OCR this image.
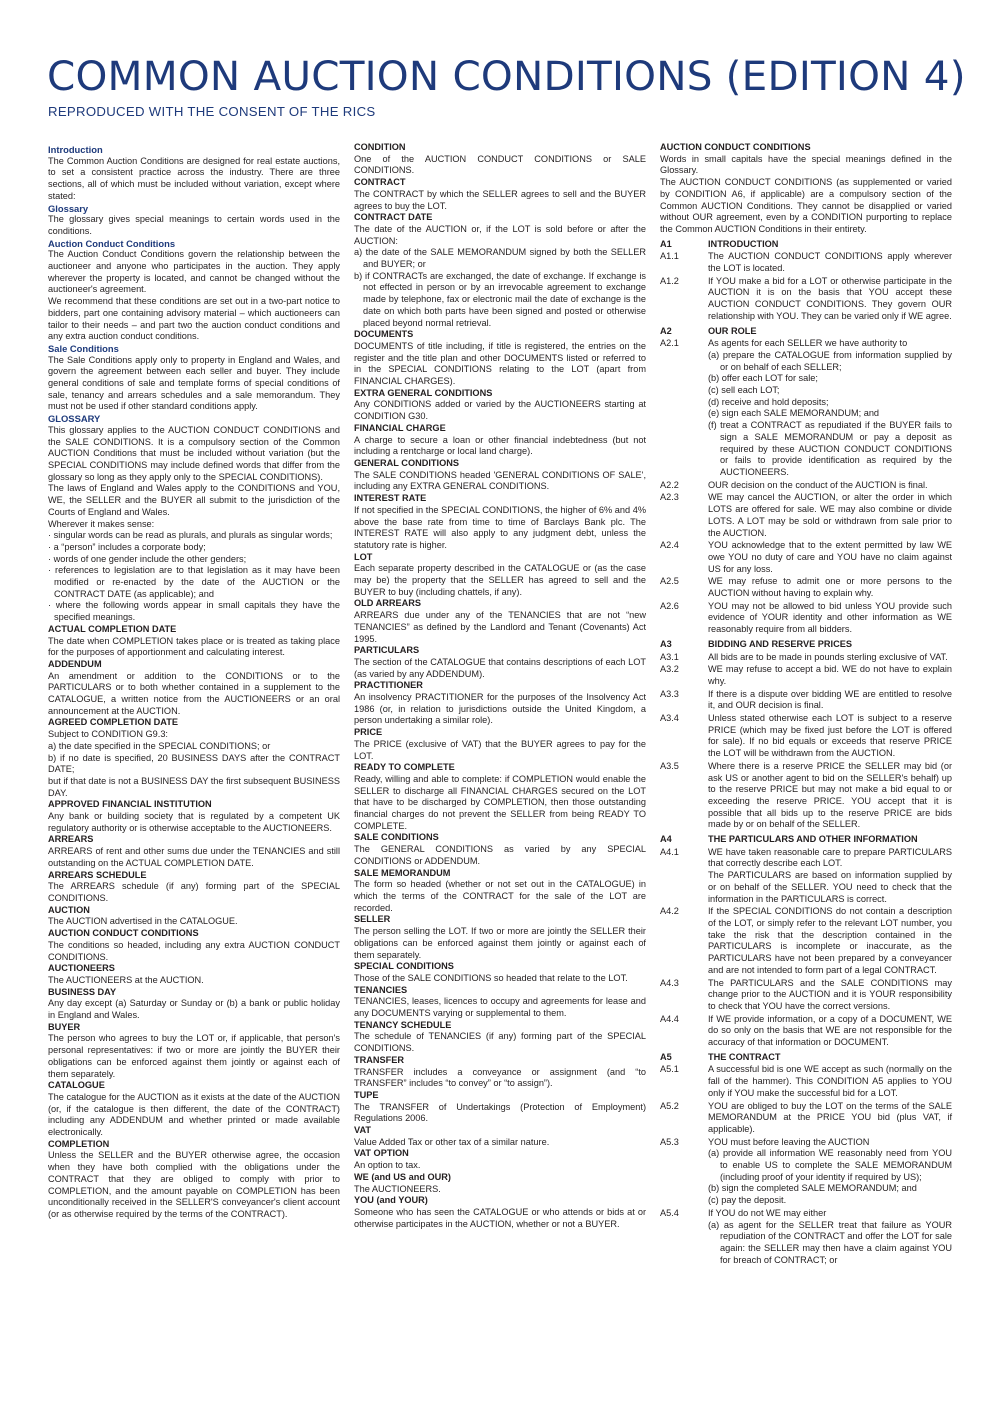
COMMON AUCTION CONDITIONS (EDITION 4)

REPRODUCED WITH THE CONSENT OF THE RICS

Introduction

The Common Auction Conditions are designed for real estate auctions, to set a consistent practice across the industry. There are three sections, all of which must be included without variation, except where stated:

Glossary

The glossary gives special meanings to certain words used in the conditions.

Auction Conduct Conditions

The Auction Conduct Conditions govern the relationship between the auctioneer and anyone who participates in the auction. They apply wherever the property is located, and cannot be changed without the auctioneer's agreement.

We recommend that these conditions are set out in a two-part notice to bidders, part one containing advisory material – which auctioneers can tailor to their needs – and part two the auction conduct conditions and any extra auction conduct conditions.

Sale Conditions

The Sale Conditions apply only to property in England and Wales, and govern the agreement between each seller and buyer. They include general conditions of sale and template forms of special conditions of sale, tenancy and arrears schedules and a sale memorandum. They must not be used if other standard conditions apply.

GLOSSARY

This glossary applies to the AUCTION CONDUCT CONDITIONS and the SALE CONDITIONS. It is a compulsory section of the Common AUCTION Conditions that must be included without variation (but the SPECIAL CONDITIONS may include defined words that differ from the glossary so long as they apply only to the SPECIAL CONDITIONS).

The laws of England and Wales apply to the CONDITIONS and YOU, WE, the SELLER and the BUYER all submit to the jurisdiction of the Courts of England and Wales.

Wherever it makes sense:

· singular words can be read as plurals, and plurals as singular words;

· a “person” includes a corporate body;

· words of one gender include the other genders;

· references to legislation are to that legislation as it may have been modified or re-enacted by the date of the AUCTION or the CONTRACT DATE (as applicable); and

· where the following words appear in small capitals they have the specified meanings.

ACTUAL COMPLETION DATE

The date when COMPLETION takes place or is treated as taking place for the purposes of apportionment and calculating interest.

ADDENDUM

An amendment or addition to the CONDITIONS or to the PARTICULARS or to both whether contained in a supplement to the CATALOGUE, a written notice from the AUCTIONEERS or an oral announcement at the AUCTION.

AGREED COMPLETION DATE

Subject to CONDITION G9.3:

a) the date specified in the SPECIAL CONDITIONS; or

b) if no date is specified, 20 BUSINESS DAYS after the CONTRACT DATE;

but if that date is not a BUSINESS DAY the first subsequent BUSINESS DAY.

APPROVED FINANCIAL INSTITUTION

Any bank or building society that is regulated by a competent UK regulatory authority or is otherwise acceptable to the AUCTIONEERS.

ARREARS

ARREARS of rent and other sums due under the TENANCIES and still outstanding on the ACTUAL COMPLETION DATE.

ARREARS SCHEDULE

The ARREARS schedule (if any) forming part of the SPECIAL CONDITIONS.

AUCTION

The AUCTION advertised in the CATALOGUE.

AUCTION CONDUCT CONDITIONS

The conditions so headed, including any extra AUCTION CONDUCT CONDITIONS.

AUCTIONEERS

The AUCTIONEERS at the AUCTION.

BUSINESS DAY

Any day except (a) Saturday or Sunday or (b) a bank or public holiday in England and Wales.

BUYER

The person who agrees to buy the LOT or, if applicable, that person's personal representatives: if two or more are jointly the BUYER their obligations can be enforced against them jointly or against each of them separately.

CATALOGUE

The catalogue for the AUCTION as it exists at the date of the AUCTION (or, if the catalogue is then different, the date of the CONTRACT) including any ADDENDUM and whether printed or made available electronically.

COMPLETION

Unless the SELLER and the BUYER otherwise agree, the occasion when they have both complied with the obligations under the CONTRACT that they are obliged to comply with prior to COMPLETION, and the amount payable on COMPLETION has been unconditionally received in the SELLER'S conveyancer's client account (or as otherwise required by the terms of the CONTRACT).

CONDITION

One of the AUCTION CONDUCT CONDITIONS or SALE CONDITIONS.

CONTRACT

The CONTRACT by which the SELLER agrees to sell and the BUYER agrees to buy the LOT.

CONTRACT DATE

The date of the AUCTION or, if the LOT is sold before or after the AUCTION:

a) the date of the SALE MEMORANDUM signed by both the SELLER and BUYER; or

b) if CONTRACTs are exchanged, the date of exchange. If exchange is not effected in person or by an irrevocable agreement to exchange made by telephone, fax or electronic mail the date of exchange is the date on which both parts have been signed and posted or otherwise placed beyond normal retrieval.

DOCUMENTS

DOCUMENTS of title including, if title is registered, the entries on the register and the title plan and other DOCUMENTS listed or referred to in the SPECIAL CONDITIONS relating to the LOT (apart from FINANCIAL CHARGES).

EXTRA GENERAL CONDITIONS

Any CONDITIONS added or varied by the AUCTIONEERS starting at CONDITION G30.

FINANCIAL CHARGE

A charge to secure a loan or other financial indebtedness (but not including a rentcharge or local land charge).

GENERAL CONDITIONS

The SALE CONDITIONS headed 'GENERAL CONDITIONS OF SALE', including any EXTRA GENERAL CONDITIONS.

INTEREST RATE

If not specified in the SPECIAL CONDITIONS, the higher of 6% and 4% above the base rate from time to time of Barclays Bank plc. The INTEREST RATE will also apply to any judgment debt, unless the statutory rate is higher.

LOT

Each separate property described in the CATALOGUE or (as the case may be) the property that the SELLER has agreed to sell and the BUYER to buy (including chattels, if any).

OLD ARREARS

ARREARS due under any of the TENANCIES that are not “new TENANCIES” as defined by the Landlord and Tenant (Covenants) Act 1995.

PARTICULARS

The section of the CATALOGUE that contains descriptions of each LOT (as varied by any ADDENDUM).

PRACTITIONER

An insolvency PRACTITIONER for the purposes of the Insolvency Act 1986 (or, in relation to jurisdictions outside the United Kingdom, a person undertaking a similar role).

PRICE

The PRICE (exclusive of VAT) that the BUYER agrees to pay for the LOT.

READY TO COMPLETE

Ready, willing and able to complete: if COMPLETION would enable the SELLER to discharge all FINANCIAL CHARGES secured on the LOT that have to be discharged by COMPLETION, then those outstanding financial charges do not prevent the SELLER from being READY TO COMPLETE.

SALE CONDITIONS

The GENERAL CONDITIONS as varied by any SPECIAL CONDITIONS or ADDENDUM.

SALE MEMORANDUM

The form so headed (whether or not set out in the CATALOGUE) in which the terms of the CONTRACT for the sale of the LOT are recorded.

SELLER

The person selling the LOT. If two or more are jointly the SELLER their obligations can be enforced against them jointly or against each of them separately.

SPECIAL CONDITIONS

Those of the SALE CONDITIONS so headed that relate to the LOT.

TENANCIES

TENANCIES, leases, licences to occupy and agreements for lease and any DOCUMENTS varying or supplemental to them.

TENANCY SCHEDULE

The schedule of TENANCIES (if any) forming part of the SPECIAL CONDITIONS.

TRANSFER

TRANSFER includes a conveyance or assignment (and “to TRANSFER” includes “to convey” or “to assign”).

TUPE

The TRANSFER of Undertakings (Protection of Employment) Regulations 2006.

VAT

Value Added Tax or other tax of a similar nature.

VAT OPTION

An option to tax.

WE (and US and OUR)

The AUCTIONEERS.

YOU (and YOUR)

Someone who has seen the CATALOGUE or who attends or bids at or otherwise participates in the AUCTION, whether or not a BUYER.

AUCTION CONDUCT CONDITIONS

Words in small capitals have the special meanings defined in the Glossary.

The AUCTION CONDUCT CONDITIONS (as supplemented or varied by CONDITION A6, if applicable) are a compulsory section of the Common AUCTION Conditions. They cannot be disapplied or varied without OUR agreement, even by a CONDITION purporting to replace the Common AUCTION Conditions in their entirety.

A1	INTRODUCTION
A1.1	The AUCTION CONDUCT CONDITIONS apply wherever the LOT is located.
A1.2	If YOU make a bid for a LOT or otherwise participate in the AUCTION it is on the basis that YOU accept these AUCTION CONDUCT CONDITIONS. They govern OUR relationship with YOU. They can be varied only if WE agree.
A2	OUR ROLE
A2.1	As agents for each SELLER we have authority to

(a) prepare the CATALOGUE from information supplied by or on behalf of each SELLER;

(b) offer each LOT for sale;

(c) sell each LOT;

(d) receive and hold deposits;

(e) sign each SALE MEMORANDUM; and

(f) treat a CONTRACT as repudiated if the BUYER fails to sign a SALE MEMORANDUM or pay a deposit as required by these AUCTION CONDUCT CONDITIONS or fails to provide identification as required by the AUCTIONEERS.

A2.2	OUR decision on the conduct of the AUCTION is final.
A2.3	WE may cancel the AUCTION, or alter the order in which LOTS are offered for sale. WE may also combine or divide LOTS. A LOT may be sold or withdrawn from sale prior to the AUCTION.
A2.4	YOU acknowledge that to the extent permitted by law WE owe YOU no duty of care and YOU have no claim against US for any loss.
A2.5	WE may refuse to admit one or more persons to the AUCTION without having to explain why.
A2.6	YOU may not be allowed to bid unless YOU provide such evidence of YOUR identity and other information as WE reasonably require from all bidders.
A3	BIDDING AND RESERVE PRICES
A3.1	All bids are to be made in pounds sterling exclusive of VAT.
A3.2	WE may refuse to accept a bid. WE do not have to explain why.
A3.3	If there is a dispute over bidding WE are entitled to resolve it, and OUR decision is final.
A3.4	Unless stated otherwise each LOT is subject to a reserve PRICE (which may be fixed just before the LOT is offered for sale). If no bid equals or exceeds that reserve PRICE the LOT will be withdrawn from the AUCTION.
A3.5	Where there is a reserve PRICE the SELLER may bid (or ask US or another agent to bid on the SELLER's behalf) up to the reserve PRICE but may not make a bid equal to or exceeding the reserve PRICE. YOU accept that it is possible that all bids up to the reserve PRICE are bids made by or on behalf of the SELLER.
A4	THE PARTICULARS AND OTHER INFORMATION
A4.1	WE have taken reasonable care to prepare PARTICULARS that correctly describe each LOT.

The PARTICULARS are based on information supplied by or on behalf of the SELLER. YOU need to check that the information in the PARTICULARS is correct.

A4.2	If the SPECIAL CONDITIONS do not contain a description of the LOT, or simply refer to the relevant LOT number, you take the risk that the description contained in the PARTICULARS is incomplete or inaccurate, as the PARTICULARS have not been prepared by a conveyancer and are not intended to form part of a legal CONTRACT.
A4.3	The PARTICULARS and the SALE CONDITIONS may change prior to the AUCTION and it is YOUR responsibility to check that YOU have the correct versions.
A4.4	If WE provide information, or a copy of a DOCUMENT, WE do so only on the basis that WE are not responsible for the accuracy of that information or DOCUMENT.
A5	THE CONTRACT
A5.1	A successful bid is one WE accept as such (normally on the fall of the hammer). This CONDITION A5 applies to YOU only if YOU make the successful bid for a LOT.
A5.2	YOU are obliged to buy the LOT on the terms of the SALE MEMORANDUM at the PRICE YOU bid (plus VAT, if applicable).
A5.3	YOU must before leaving the AUCTION

(a) provide all information WE reasonably need from YOU to enable US to complete the SALE MEMORANDUM (including proof of your identity if required by US);

(b) sign the completed SALE MEMORANDUM; and

(c) pay the deposit.

A5.4	If YOU do not WE may either

(a) as agent for the SELLER treat that failure as YOUR repudiation of the CONTRACT and offer the LOT for sale again: the SELLER may then have a claim against YOU for breach of CONTRACT; or
